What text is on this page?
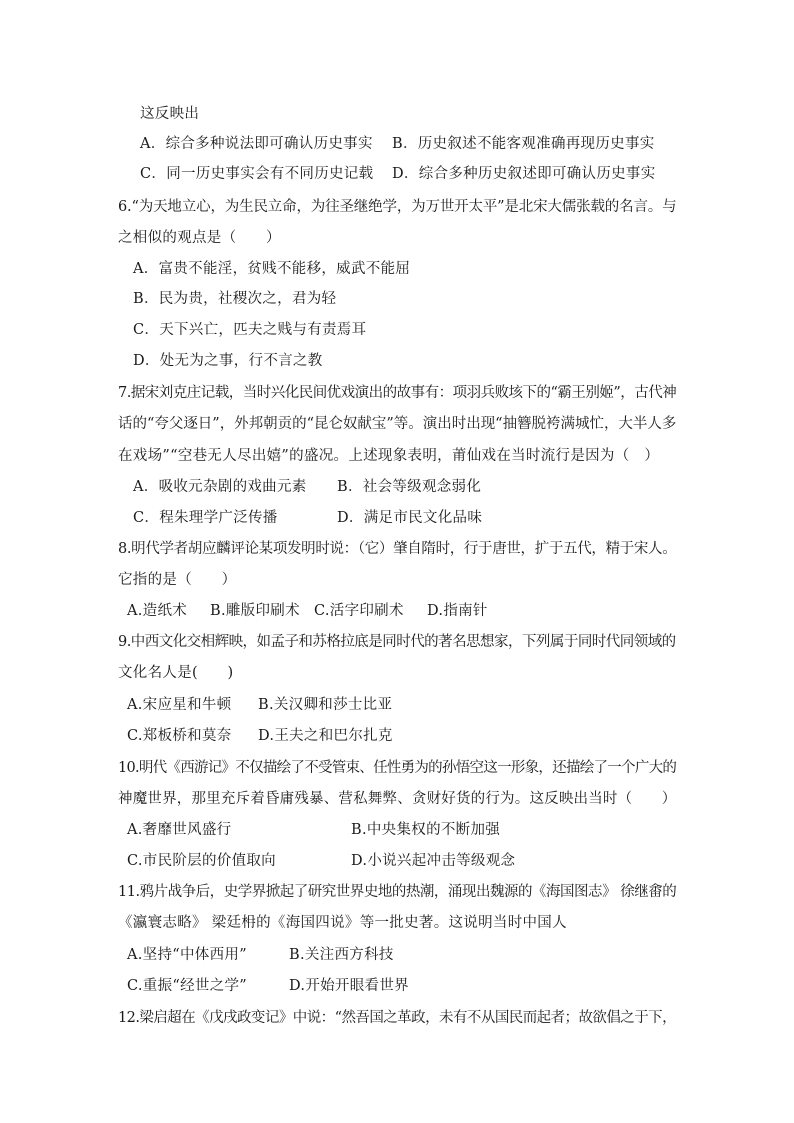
这反映出
A．综合多种说法即可确认历史事实 B．历史叙述不能客观准确再现历史事实
C．同一历史事实会有不同历史记载 D．综合多种历史叙述即可确认历史事实
6.“为天地立心，为生民立命，为往圣继绝学，为万世开太平”是北宋大儒张载的名言。与
之相似的观点是（　　）
A．富贵不能淫，贫贱不能移，威武不能屈
B．民为贵，社稷次之，君为轻
C．天下兴亡，匹夫之贱与有责焉耳
D．处无为之事，行不言之教
7.据宋刘克庄记载，当时兴化民间优戏演出的故事有：项羽兵败垓下的“霸王别姬”，古代神
话的“夸父逐日”，外邦朝贡的“昆仑奴献宝”等。演出时出现“抽簪脱袴满城忙，大半人多
在戏场”“空巷无人尽出嬉”的盛况。上述现象表明，莆仙戏在当时流行是因为（　）
A．吸收元杂剧的戏曲元素 B．社会等级观念弱化
C．程朱理学广泛传播	D．满足市民文化品味
8.明代学者胡应麟评论某项发明时说：（它）肇自隋时，行于唐世，扩于五代，精于宋人。
它指的是（　　）
A.造纸术 B.雕版印刷术 C.活字印刷术 D.指南针
9.中西文化交相辉映，如孟子和苏格拉底是同时代的著名思想家，下列属于同时代同领域的
文化名人是(　　)
A.宋应星和牛顿 B.关汉卿和莎士比亚
C.郑板桥和莫奈 D.王夫之和巴尔扎克
10.明代《西游记》不仅描绘了不受管束、任性勇为的孙悟空这一形象，还描绘了一个广大的
神魔世界，那里充斥着昏庸残暴、营私舞弊、贪财好货的行为。这反映出当时（　　）
A.奢靡世风盛行	B.中央集权的不断加强
C.市民阶层的价值取向	D.小说兴起冲击等级观念
11.鸦片战争后，史学界掀起了研究世界史地的热潮，涌现出魏源的《海国图志》 徐继畬的
《瀛寰志略》 梁廷枏的《海国四说》等一批史著。这说明当时中国人
A.坚持“中体西用”	B.关注西方科技
C.重振“经世之学”	D.开始开眼看世界
12.梁启超在《戊戌政变记》中说：“然吾国之革政，未有不从国民而起者；故欲倡之于下，
